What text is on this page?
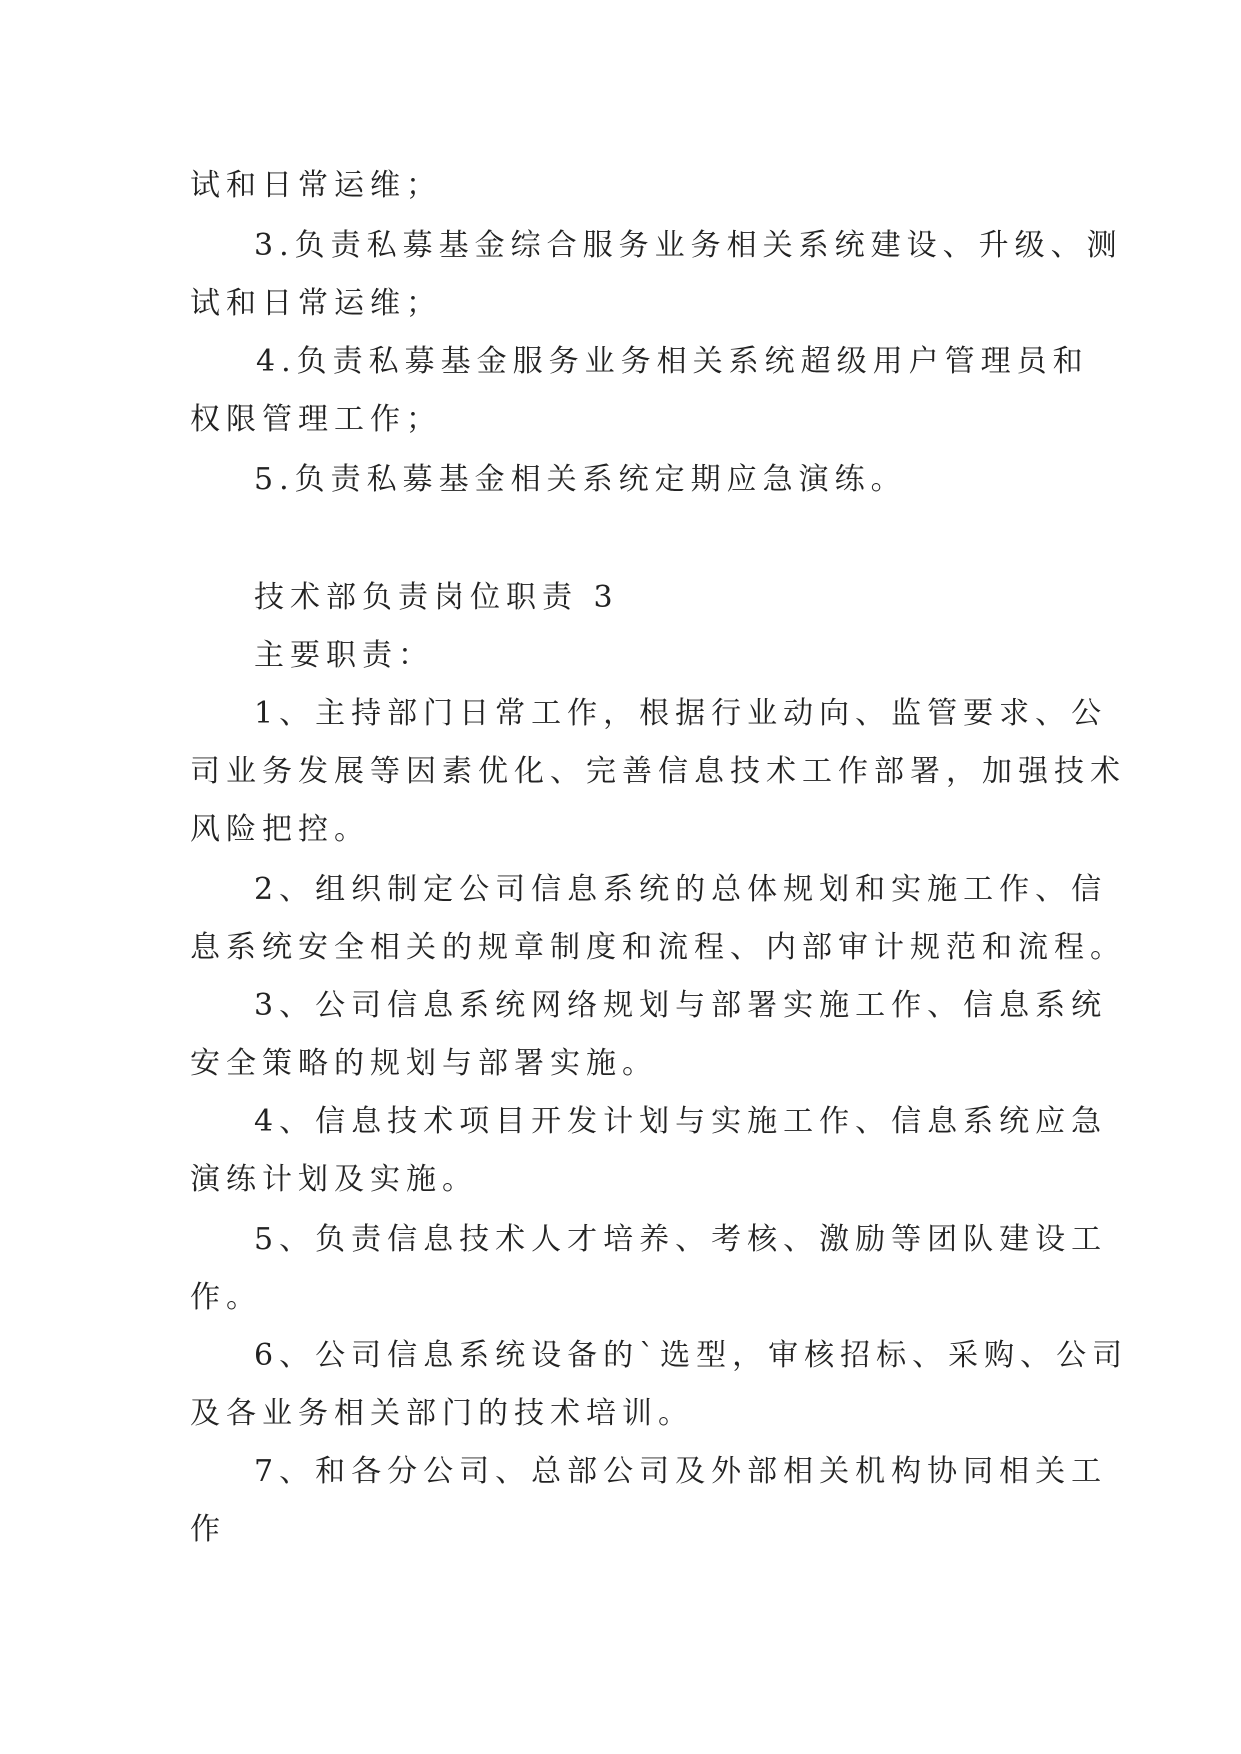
试和日常运维；
3.负责私募基金综合服务业务相关系统建设、升级、测
试和日常运维；
4.负责私募基金服务业务相关系统超级用户管理员和
权限管理工作；
5.负责私募基金相关系统定期应急演练。
技术部负责岗位职责 3
主要职责：
1、主持部门日常工作，根据行业动向、监管要求、公
司业务发展等因素优化、完善信息技术工作部署，加强技术
风险把控。
2、组织制定公司信息系统的总体规划和实施工作、信
息系统安全相关的规章制度和流程、内部审计规范和流程。
3、公司信息系统网络规划与部署实施工作、信息系统
安全策略的规划与部署实施。
4、信息技术项目开发计划与实施工作、信息系统应急
演练计划及实施。
5、负责信息技术人才培养、考核、激励等团队建设工
作。
6、公司信息系统设备的`选型，审核招标、采购、公司
及各业务相关部门的技术培训。
7、和各分公司、总部公司及外部相关机构协同相关工
作
